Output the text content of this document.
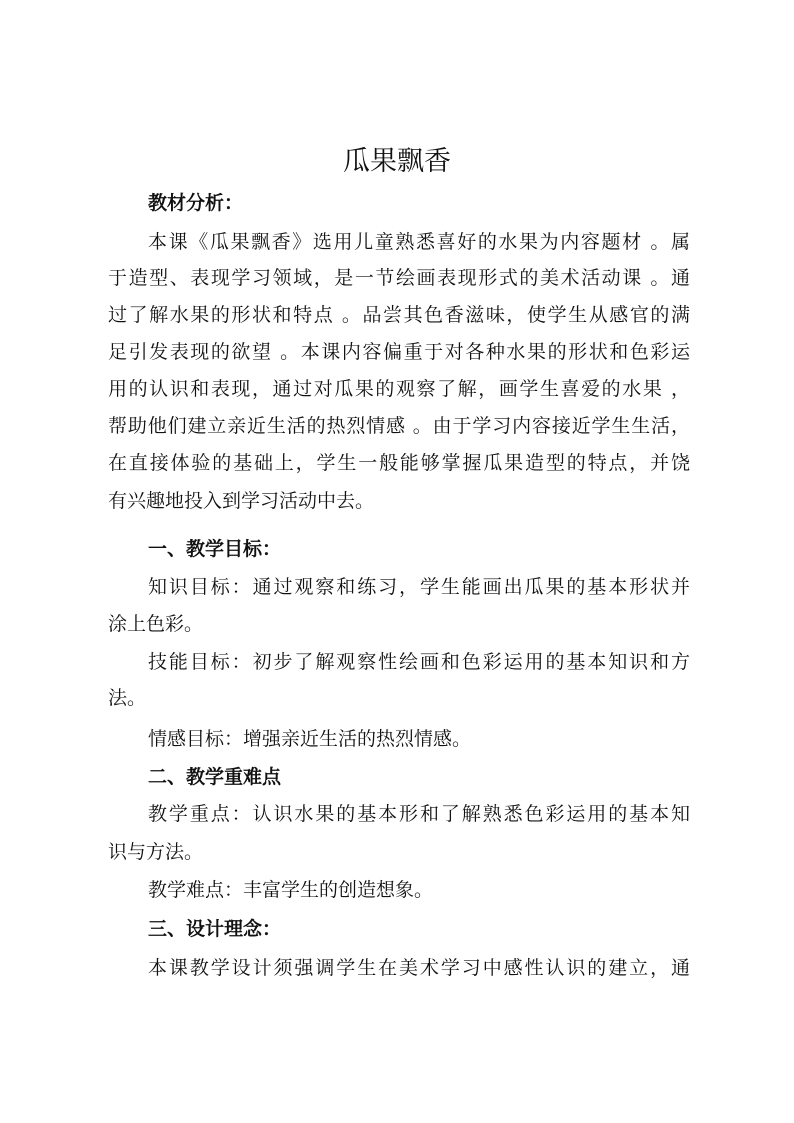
瓜果飘香
教材分析：
本课《瓜果飘香》选用儿童熟悉喜好的水果为内容题材 。属
于造型、表现学习领域，是一节绘画表现形式的美术活动课 。通
过了解水果的形状和特点 。品尝其色香滋味，使学生从感官的满
足引发表现的欲望 。本课内容偏重于对各种水果的形状和色彩运
用的认识和表现，通过对瓜果的观察了解，画学生喜爱的水果 ，
帮助他们建立亲近生活的热烈情感 。由于学习内容接近学生生活，
在直接体验的基础上，学生一般能够掌握瓜果造型的特点，并饶
有兴趣地投入到学习活动中去。
一、教学目标：
知识目标：通过观察和练习，学生能画出瓜果的基本形状并
涂上色彩。
技能目标：初步了解观察性绘画和色彩运用的基本知识和方
法。
情感目标：增强亲近生活的热烈情感。
二、教学重难点
教学重点：认识水果的基本形和了解熟悉色彩运用的基本知
识与方法。
教学难点：丰富学生的创造想象。
三、设计理念：
本课教学设计须强调学生在美术学习中感性认识的建立，通
